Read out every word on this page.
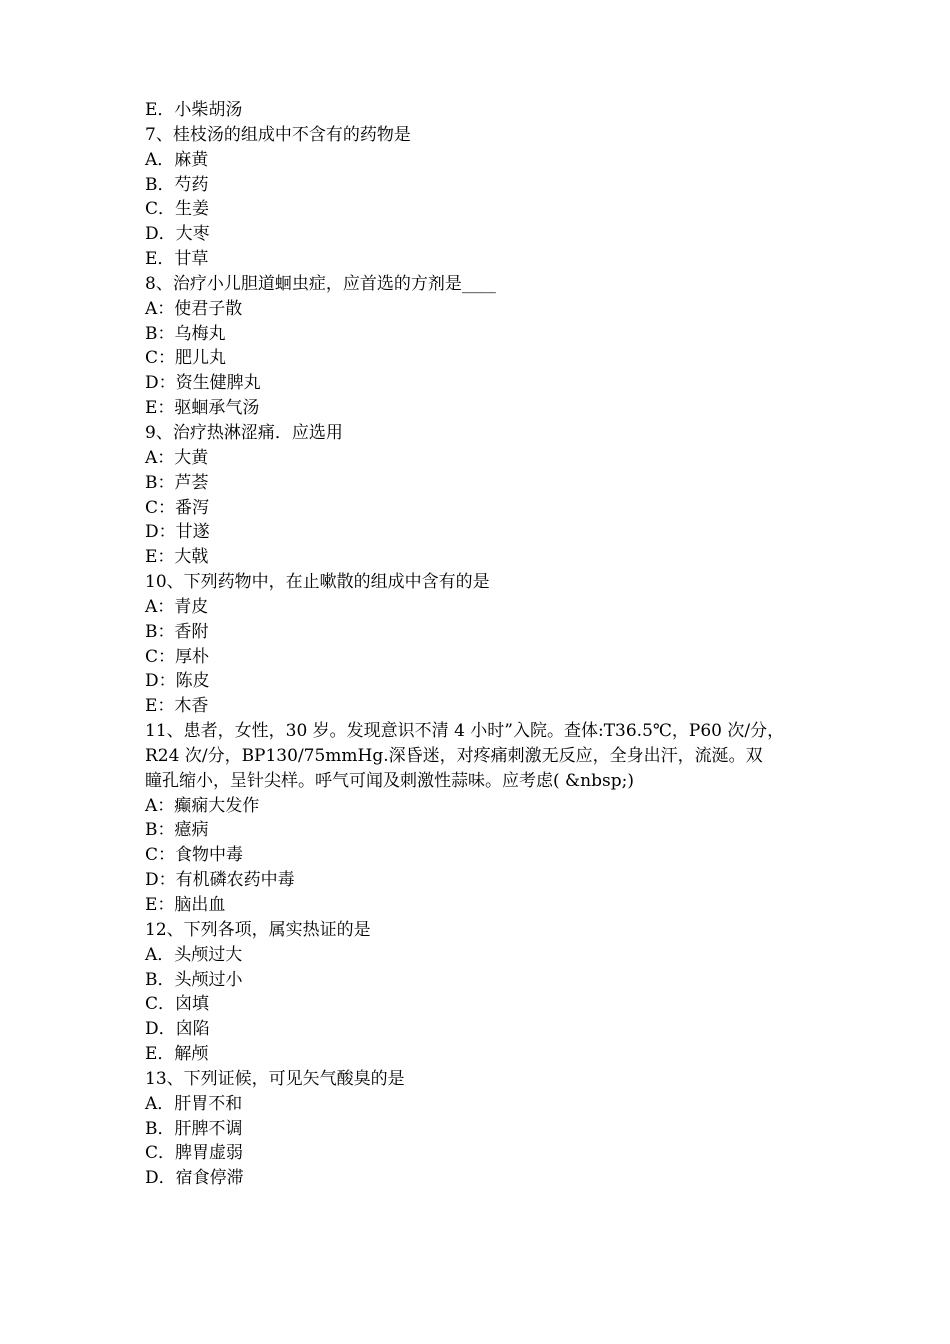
E．小柴胡汤
7、桂枝汤的组成中不含有的药物是
A．麻黄
B．芍药
C．生姜
D．大枣
E．甘草
8、治疗小儿胆道蛔虫症，应首选的方剂是____
A：使君子散
B：乌梅丸
C：肥儿丸
D：资生健脾丸
E：驱蛔承气汤
9、治疗热淋涩痛．应选用
A：大黄
B：芦荟
C：番泻
D：甘遂
E：大戟
10、下列药物中，在止嗽散的组成中含有的是
A：青皮
B：香附
C：厚朴
D：陈皮
E：木香
11、患者，女性，30 岁。发现意识不清 4 小时”入院。查体:T36.5℃，P60 次/分，
R24 次/分，BP130/75mmHg.深昏迷，对疼痛刺激无反应，全身出汗，流涎。双
瞳孔缩小，呈针尖样。呼气可闻及刺激性蒜味。应考虑( &nbsp;)
A：癫痫大发作
B：癔病
C：食物中毒
D：有机磷农药中毒
E：脑出血
12、下列各项，属实热证的是
A．头颅过大
B．头颅过小
C．囟填
D．囟陷
E．解颅
13、下列证候，可见矢气酸臭的是
A．肝胃不和
B．肝脾不调
C．脾胃虚弱
D．宿食停滞
